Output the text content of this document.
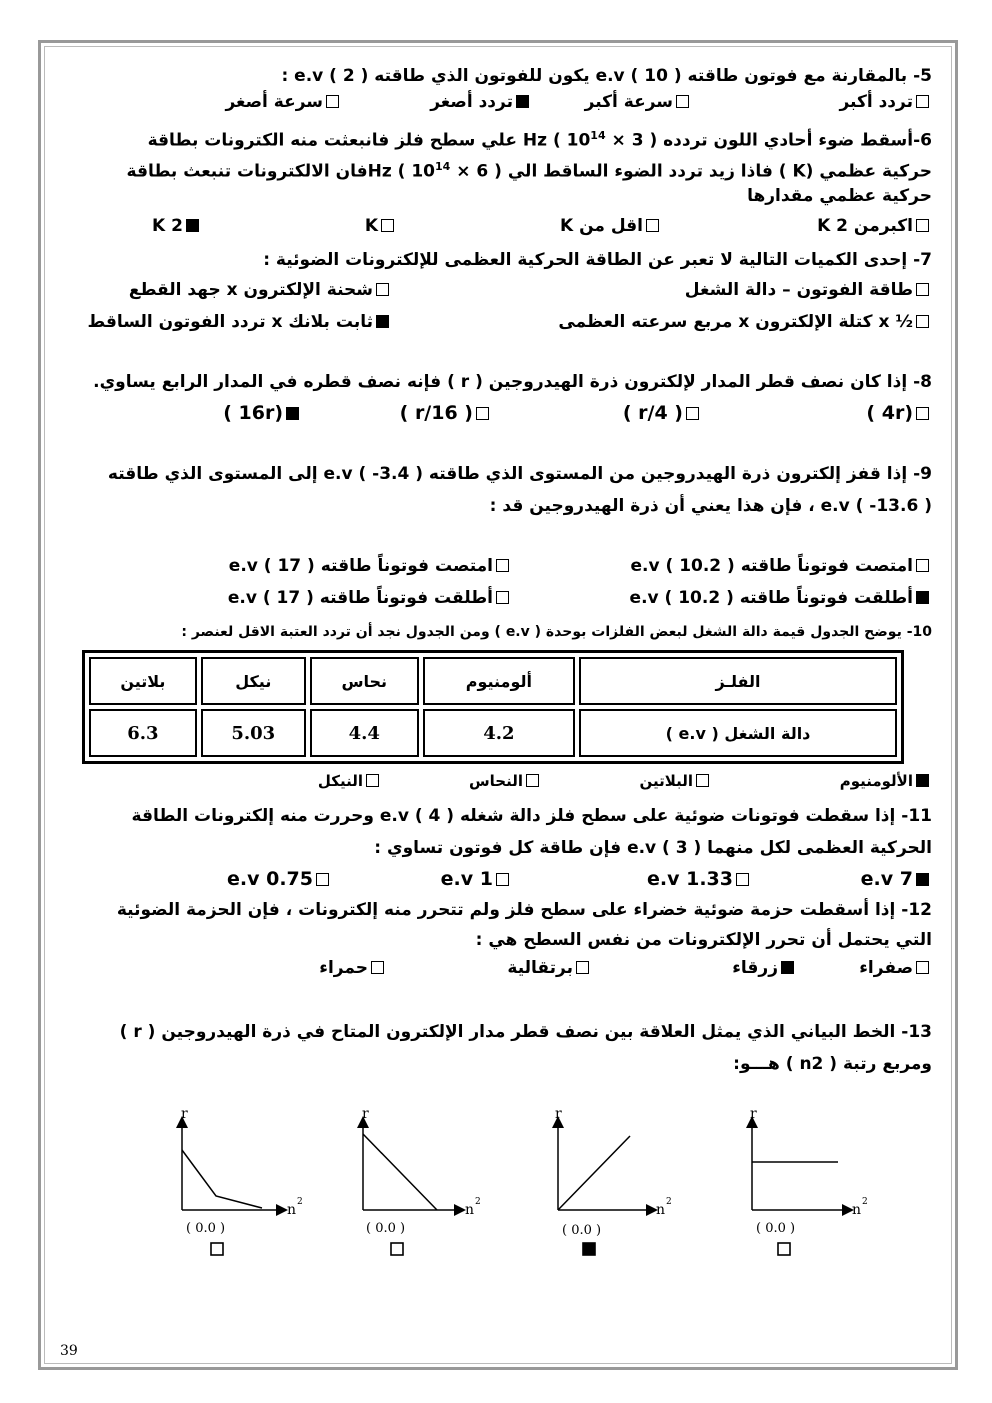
5- بالمقارنة مع فوتون طاقته e.v ( 10 ) يكون للفوتون الذي طاقته e.v ( 2 ) :
تردد أكبر
سرعة أكبر
تردد أصغر
سرعة أصغر
6-أسقط ضوء أحادي اللون تردده Hz ( $10^{14} \times 3$ ) علي سطح فلز فانبعثت منه الكترونات بطاقة
حركية عظمي (K ) فاذا زيد تردد الضوء الساقط الي Hz ( $10^{14} \times 6$ )فان الالكترونات تنبعث بطاقة
حركية عظمي مقدارها
اكبرمن 2 K
اقل من K
K
2 K
7- إحدى الكميات التالية لا تعبر عن الطاقة الحركية العظمى للإلكترونات الضوئية :
طاقة الفوتون – دالة الشغل
شحنة الإلكترون x جهد القطع
½ x كتلة الإلكترون x مربع سرعته العظمى
ثابت بلانك x تردد الفوتون الساقط
8- إذا كان نصف قطر المدار لإلكترون ذرة الهيدروجين ( r ) فإنه نصف قطره في المدار الرابع يساوي.
(4r )
( r/4 )
( r/16 )
(16r )
9- إذا قفز إلكترون ذرة الهيدروجين من المستوى الذي طاقته e.v ( -3.4 ) إلى المستوى الذي طاقته
e.v ( -13.6 ) ، فإن هذا يعني أن ذرة الهيدروجين قد :
امتصت فوتوناً طاقته e.v ( 10.2 )
امتصت فوتوناً طاقته e.v ( 17 )
أطلقت فوتوناً طاقته e.v ( 10.2 )
أطلقت فوتوناً طاقته e.v ( 17 )
10- يوضح الجدول قيمة دالة الشغل لبعض الفلزات بوحدة ( e.v ) ومن الجدول نجد أن تردد العتبة الاقل لعنصر :
بلاتين	نيكل	نحاس	ألومنيوم	الفلـز
6.3	5.03	4.4	4.2	دالة الشغل ( e.v )
الألومنيوم
البلاتين
النحاس
النيكل
11- إذا سقطت فوتونات ضوئية على سطح فلز دالة شغله e.v ( 4 ) وحررت منه إلكترونات الطاقة
الحركية العظمى لكل منهما e.v ( 3 ) فإن طاقة كل فوتون تساوي :
7 e.v
1.33 e.v
1 e.v
0.75 e.v
12- إذا أسقطت حزمة ضوئية خضراء على سطح فلز ولم تتحرر منه إلكترونات ، فإن الحزمة الضوئية
التي يحتمل أن تحرر الإلكترونات من نفس السطح هي :
صفراء
زرقاء
برتقالية
حمراء
13- الخط البياني الذي يمثل العلاقة بين نصف قطر مدار الإلكترون المتاح في ذرة الهيدروجين ( r )
ومربع رتبة ( n2 ) هـــو:
r
n 2
( 0.0 )
r
n 2
( 0.0 )
r
n 2
( 0.0 )
r
n 2
( 0.0 )
39
